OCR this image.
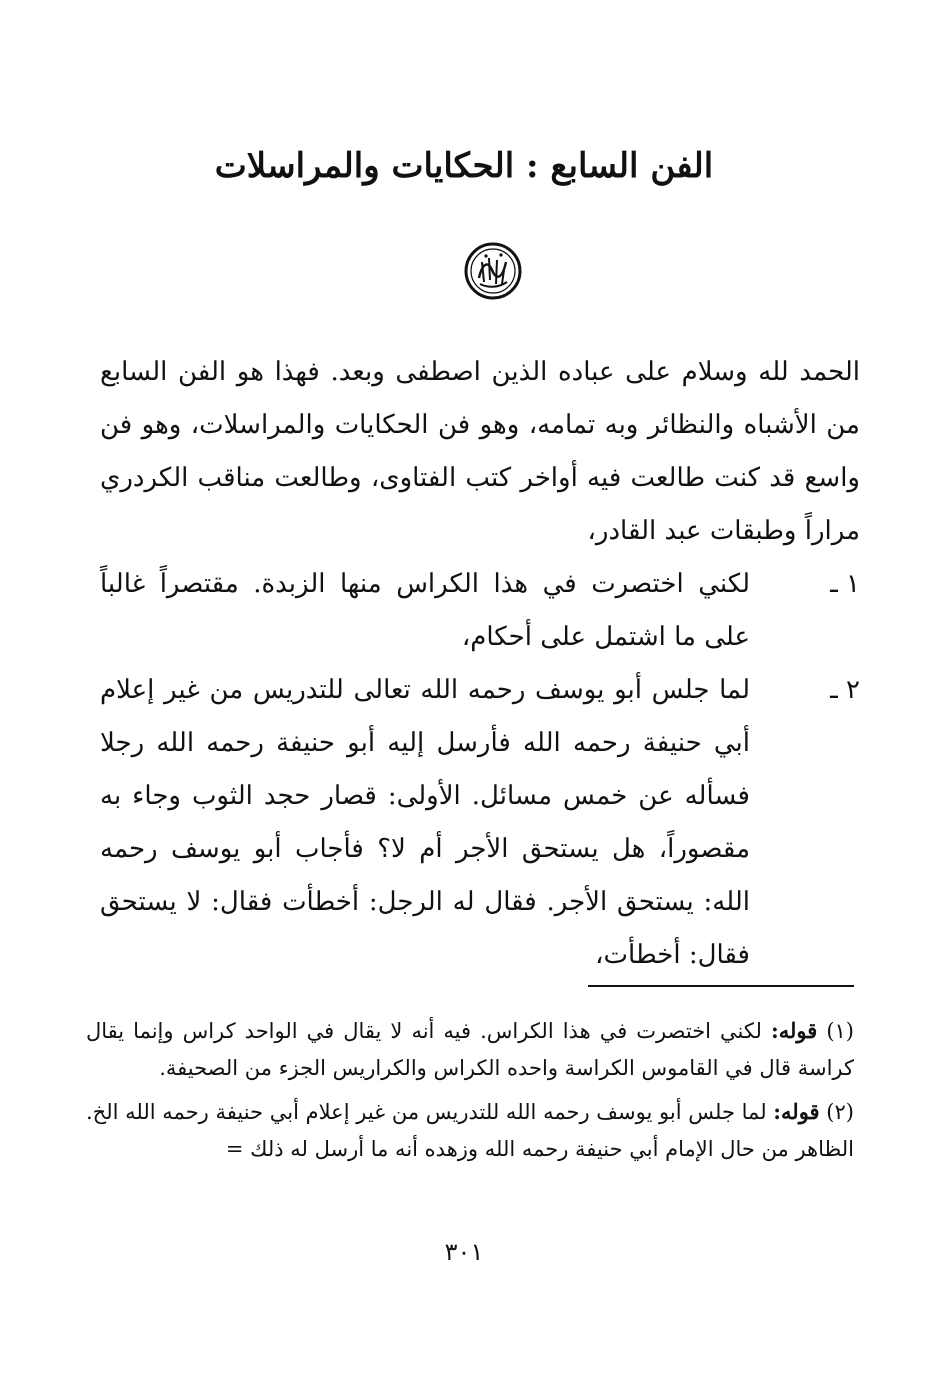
الفن السابع : الحكايات والمراسلات

الحمد لله وسلام على عباده الذين اصطفى وبعد. فهذا هو الفن السابع من الأشباه والنظائر وبه تمامه، وهو فن الحكايات والمراسلات، وهو فن واسع قد كنت طالعت فيه أواخر كتب الفتاوى، وطالعت مناقب الكردري مراراً وطبقات عبد القادر،

١ ـ
لكني اختصرت في هذا الكراس منها الزبدة. مقتصراً غالباً على ما اشتمل على أحكام،

٢ ـ
لما جلس أبو يوسف رحمه الله تعالى للتدريس من غير إعلام أبي حنيفة رحمه الله فأرسل إليه أبو حنيفة رحمه الله رجلا فسأله عن خمس مسائل. الأولى: قصار حجد الثوب وجاء به مقصوراً، هل يستحق الأجر أم لا؟ فأجاب أبو يوسف رحمه الله: يستحق الأجر. فقال له الرجل: أخطأت فقال: لا يستحق فقال: أخطأت،

(١) قوله: لكني اختصرت في هذا الكراس. فيه أنه لا يقال في الواحد كراس وإنما يقال كراسة قال في القاموس الكراسة واحده الكراس والكراريس الجزء من الصحيفة.

(٢) قوله: لما جلس أبو يوسف رحمه الله للتدريس من غير إعلام أبي حنيفة رحمه الله الخ. الظاهر من حال الإمام أبي حنيفة رحمه الله وزهده أنه ما أرسل له ذلك =

٣٠١
